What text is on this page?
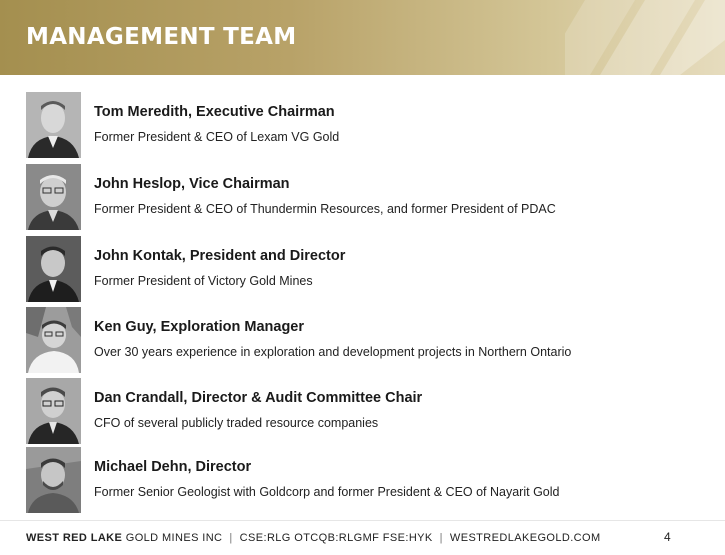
MANAGEMENT TEAM
Tom Meredith, Executive Chairman
Former President & CEO of Lexam VG Gold
John Heslop, Vice Chairman
Former President & CEO of Thundermin Resources, and former President of PDAC
John Kontak, President and Director
Former President of Victory Gold Mines
Ken Guy, Exploration Manager
Over 30 years experience in exploration and development projects in Northern Ontario
Dan Crandall, Director & Audit Committee Chair
CFO of several publicly traded resource companies
Michael Dehn, Director
Former Senior Geologist with Goldcorp and former President & CEO of Nayarit Gold
WEST RED LAKE GOLD MINES INC | CSE:RLG OTCQB:RLGMF FSE:HYK | WESTREDLAKEGOLD.COM	4
